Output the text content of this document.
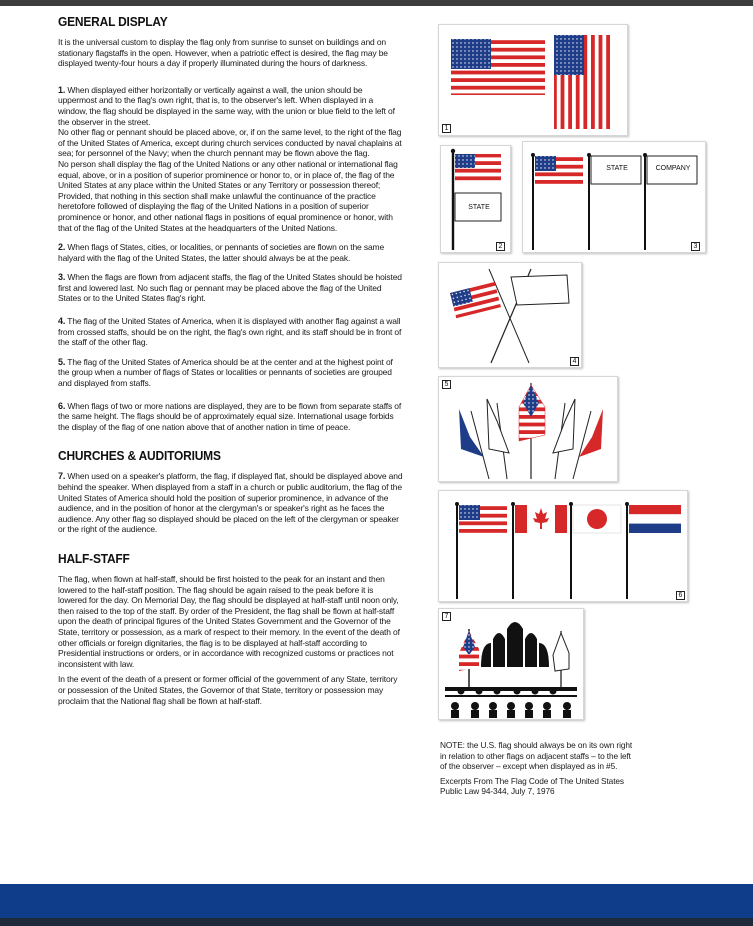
GENERAL DISPLAY

It is the universal custom to display the flag only from sunrise to sunset on buildings and on stationary flagstaffs in the open. However, when a patriotic effect is desired, the flag may be displayed twenty-four hours a day if properly illuminated during the hours of darkness.

1. When displayed either horizontally or vertically against a wall, the union should be uppermost and to the flag's own right, that is, to the observer's left. When displayed in a window, the flag should be displayed in the same way, with the union or blue field to the left of the observer in the street.

No other flag or pennant should be placed above, or, if on the same level, to the right of the flag of the United States of America, except during church services conducted by naval chaplains at sea; for personnel of the Navy; when the church pennant may be flown above the flag.

No person shall display the flag of the United Nations or any other national or international flag equal, above, or in a position of superior prominence or honor to, or in place of, the flag of the United States at any place within the United States or any Territory or possession thereof; Provided, that nothing in this section shall make unlawful the continuance of the practice heretofore followed of displaying the flag of the United Nations in a position of superior prominence or honor, and other national flags in positions of equal prominence or honor, with that of the flag of the United States at the headquarters of the United Nations.

2. When flags of States, cities, or localities, or pennants of societies are flown on the same halyard with the flag of the United States, the latter should always be at the peak.

3. When the flags are flown from adjacent staffs, the flag of the United States should be hoisted first and lowered last. No such flag or pennant may be placed above the flag of the United States or to the United States flag's right.

4. The flag of the United States of America, when it is displayed with another flag against a wall from crossed staffs, should be on the right, the flag's own right, and its staff should be in front of the staff of the other flag.

5. The flag of the United States of America should be at the center and at the highest point of the group when a number of flags of States or localities or pennants of societies are grouped and displayed from staffs.

6. When flags of two or more nations are displayed, they are to be flown from separate staffs of the same height. The flags should be of approximately equal size. International usage forbids the display of the flag of one nation above that of another nation in time of peace.

CHURCHES & AUDITORIUMS

7. When used on a speaker's platform, the flag, if displayed flat, should be displayed above and behind the speaker. When displayed from a staff in a church or public auditorium, the flag of the United States of America should hold the position of superior prominence, in advance of the audience, and in the position of honor at the clergyman's or speaker's right as he faces the audience. Any other flag so displayed should be placed on the left of the clergyman or speaker or the right of the audience.

HALF-STAFF

The flag, when flown at half-staff, should be first hoisted to the peak for an instant and then lowered to the half-staff position. The flag should be again raised to the peak before it is lowered for the day. On Memorial Day, the flag should be displayed at half-staff until noon only, then raised to the top of the staff. By order of the President, the flag shall be flown at half-staff upon the death of principal figures of the United States Government and the Governor of the State, territory or possession, as a mark of respect to their memory. In the event of the death of other officials or foreign dignitaries, the flag is to be displayed at half-staff according to Presidential instructions or orders, or in accordance with recognized customs or practices not inconsistent with law.

In the event of the death of a present or former official of the government of any State, territory or possession of the United States, the Governor of that State, territory or possession may proclaim that the National flag shall be flown at half-staff.

1
STATE
2
STATE	COMPANY
3
4
5
6
7

NOTE: the U.S. flag should always be on its own right in relation to other flags on adjacent staffs – to the left of the observer – except when displayed as in #5.

Excerpts From The Flag Code of The United States Public Law 94-344, July 7, 1976
